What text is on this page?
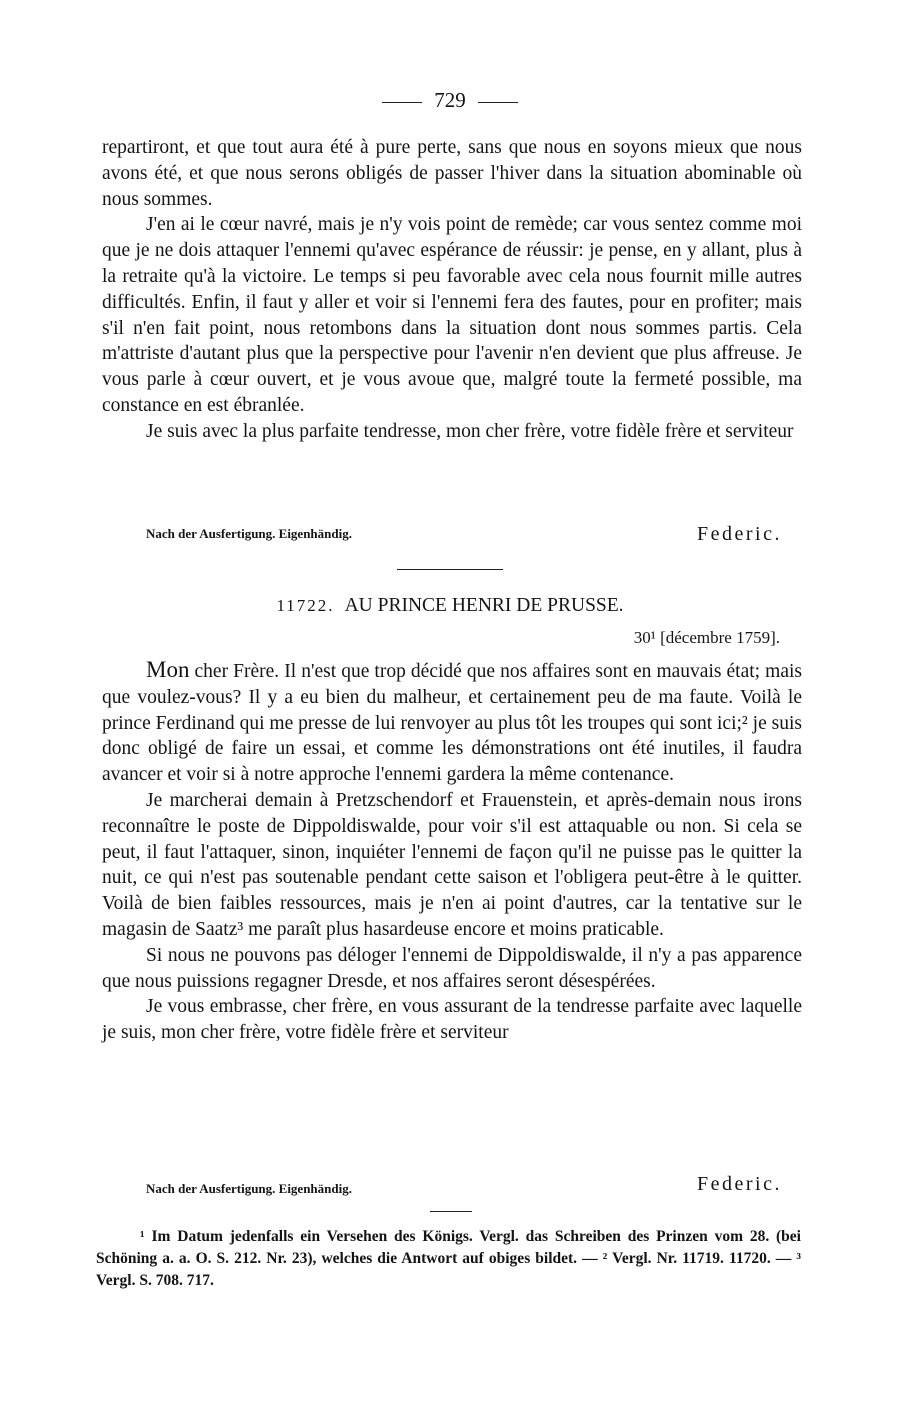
729

repartiront, et que tout aura été à pure perte, sans que nous en soyons mieux que nous avons été, et que nous serons obligés de passer l'hiver dans la situation abominable où nous sommes.

J'en ai le cœur navré, mais je n'y vois point de remède; car vous sentez comme moi que je ne dois attaquer l'ennemi qu'avec espérance de réussir: je pense, en y allant, plus à la retraite qu'à la victoire. Le temps si peu favorable avec cela nous fournit mille autres difficultés. Enfin, il faut y aller et voir si l'ennemi fera des fautes, pour en profiter; mais s'il n'en fait point, nous retombons dans la situation dont nous sommes partis. Cela m'attriste d'autant plus que la perspective pour l'avenir n'en devient que plus affreuse. Je vous parle à cœur ouvert, et je vous avoue que, malgré toute la fermeté possible, ma constance en est ébranlée.

Je suis avec la plus parfaite tendresse, mon cher frère, votre fidèle frère et serviteur

Nach der Ausfertigung. Eigenhändig.	Federic.
11722. AU PRINCE HENRI DE PRUSSE.
30¹ [décembre 1759].

Mon cher Frère. Il n'est que trop décidé que nos affaires sont en mauvais état; mais que voulez-vous? Il y a eu bien du malheur, et certainement peu de ma faute. Voilà le prince Ferdinand qui me presse de lui renvoyer au plus tôt les troupes qui sont ici;² je suis donc obligé de faire un essai, et comme les démonstrations ont été inutiles, il faudra avancer et voir si à notre approche l'ennemi gardera la même contenance.

Je marcherai demain à Pretzschendorf et Frauenstein, et après-demain nous irons reconnaître le poste de Dippoldiswalde, pour voir s'il est attaquable ou non. Si cela se peut, il faut l'attaquer, sinon, inquiéter l'ennemi de façon qu'il ne puisse pas le quitter la nuit, ce qui n'est pas soutenable pendant cette saison et l'obligera peut-être à le quitter. Voilà de bien faibles ressources, mais je n'en ai point d'autres, car la tentative sur le magasin de Saatz³ me paraît plus hasardeuse encore et moins praticable.

Si nous ne pouvons pas déloger l'ennemi de Dippoldiswalde, il n'y a pas apparence que nous puissions regagner Dresde, et nos affaires seront désespérées.

Je vous embrasse, cher frère, en vous assurant de la tendresse parfaite avec laquelle je suis, mon cher frère, votre fidèle frère et serviteur

Nach der Ausfertigung. Eigenhändig.	Federic.

¹ Im Datum jedenfalls ein Versehen des Königs. Vergl. das Schreiben des Prinzen vom 28. (bei Schöning a. a. O. S. 212. Nr. 23), welches die Antwort auf obiges bildet. — ² Vergl. Nr. 11719. 11720. — ³ Vergl. S. 708. 717.
